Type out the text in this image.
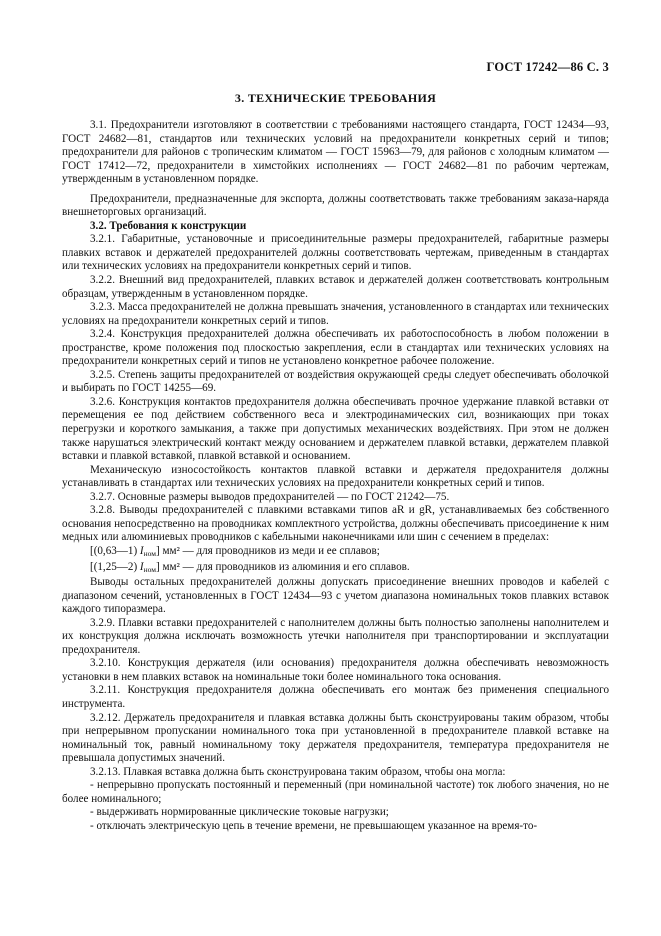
ГОСТ 17242—86 С. 3
3. ТЕХНИЧЕСКИЕ ТРЕБОВАНИЯ

3.1. Предохранители изготовляют в соответствии с требованиями настоящего стандарта, ГОСТ 12434—93, ГОСТ 24682—81, стандартов или технических условий на предохранители конкретных серий и типов; предохранители для районов с тропическим климатом — ГОСТ 15963—79, для районов с холодным климатом — ГОСТ 17412—72, предохранители в химстойких исполнениях — ГОСТ 24682—81 по рабочим чертежам, утвержденным в установленном порядке.

Предохранители, предназначенные для экспорта, должны соответствовать также требованиям заказа-наряда внешнеторговых организаций.

3.2. Требования к конструкции

3.2.1. Габаритные, установочные и присоединительные размеры предохранителей, габаритные размеры плавких вставок и держателей предохранителей должны соответствовать чертежам, приведенным в стандартах или технических условиях на предохранители конкретных серий и типов.

3.2.2. Внешний вид предохранителей, плавких вставок и держателей должен соответствовать контрольным образцам, утвержденным в установленном порядке.

3.2.3. Масса предохранителей не должна превышать значения, установленного в стандартах или технических условиях на предохранители конкретных серий и типов.

3.2.4. Конструкция предохранителей должна обеспечивать их работоспособность в любом положении в пространстве, кроме положения под плоскостью закрепления, если в стандартах или технических условиях на предохранители конкретных серий и типов не установлено конкретное рабочее положение.

3.2.5. Степень защиты предохранителей от воздействия окружающей среды следует обеспечивать оболочкой и выбирать по ГОСТ 14255—69.

3.2.6. Конструкция контактов предохранителя должна обеспечивать прочное удержание плавкой вставки от перемещения ее под действием собственного веса и электродинамических сил, возникающих при токах перегрузки и короткого замыкания, а также при допустимых механических воздействиях. При этом не должен также нарушаться электрический контакт между основанием и держателем плавкой вставки, держателем плавкой вставки и плавкой вставкой, плавкой вставкой и основанием.

Механическую износостойкость контактов плавкой вставки и держателя предохранителя должны устанавливать в стандартах или технических условиях на предохранители конкретных серий и типов.

3.2.7. Основные размеры выводов предохранителей — по ГОСТ 21242—75.

3.2.8. Выводы предохранителей с плавкими вставками типов aR и gR, устанавливаемых без собственного основания непосредственно на проводниках комплектного устройства, должны обеспечивать присоединение к ним медных или алюминиевых проводников с кабельными наконечниками или шин с сечением в пределах:

[(0,63—1) Iном] мм² — для проводников из меди и ее сплавов;

[(1,25—2) Iном] мм² — для проводников из алюминия и его сплавов.

Выводы остальных предохранителей должны допускать присоединение внешних проводов и кабелей с диапазоном сечений, установленных в ГОСТ 12434—93 с учетом диапазона номинальных токов плавких вставок каждого типоразмера.

3.2.9. Плавки вставки предохранителей с наполнителем должны быть полностью заполнены наполнителем и их конструкция должна исключать возможность утечки наполнителя при транспортировании и эксплуатации предохранителя.

3.2.10. Конструкция держателя (или основания) предохранителя должна обеспечивать невозможность установки в нем плавких вставок на номинальные токи более номинального тока основания.

3.2.11. Конструкция предохранителя должна обеспечивать его монтаж без применения специального инструмента.

3.2.12. Держатель предохранителя и плавкая вставка должны быть сконструированы таким образом, чтобы при непрерывном пропускании номинального тока при установленной в предохранителе плавкой вставке на номинальный ток, равный номинальному току держателя предохранителя, температура предохранителя не превышала допустимых значений.

3.2.13. Плавкая вставка должна быть сконструирована таким образом, чтобы она могла:

- непрерывно пропускать постоянный и переменный (при номинальной частоте) ток любого значения, но не более номинального;

- выдерживать нормированные циклические токовые нагрузки;

- отключать электрическую цепь в течение времени, не превышающем указанное на время-то-
